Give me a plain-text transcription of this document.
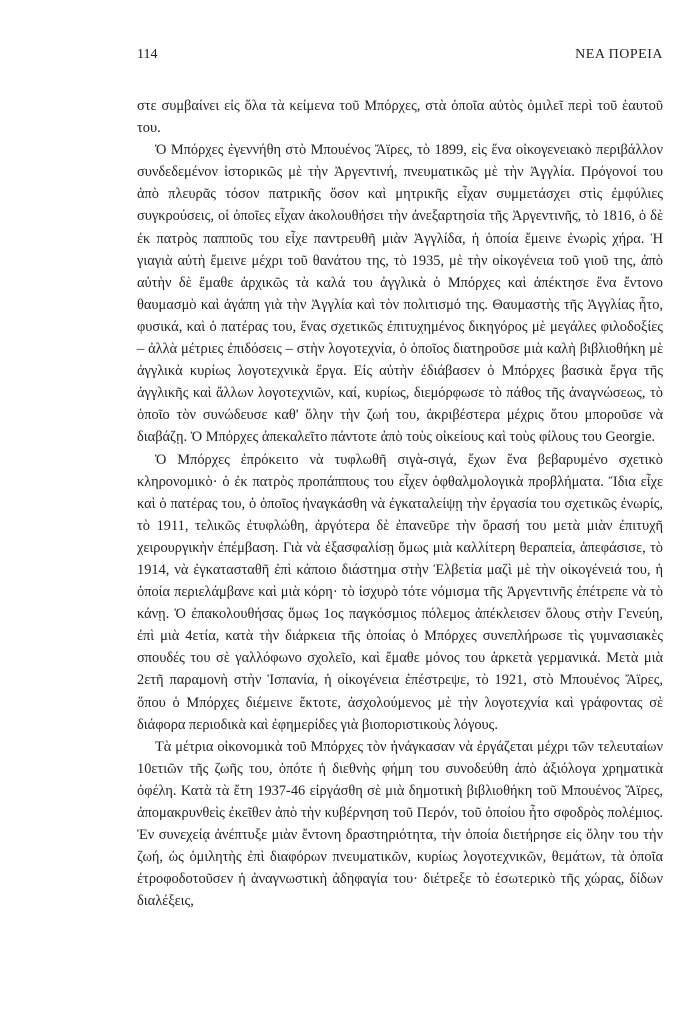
114	ΝΕΑ ΠΟΡΕΙΑ

στε συμβαίνει εἰς ὅλα τὰ κείμενα τοῦ Μπόρχες, στὰ ὁποῖα αὐτὸς ὁμιλεῖ περὶ τοῦ ἑαυτοῦ του.

Ὁ Μπόρχες ἐγεννήθη στὸ Μπουένος Ἄϊρες, τὸ 1899, εἰς ἕνα οἰκογενειακὸ περιβάλλον συνδεδεμένον ἱστορικῶς μὲ τὴν Ἀργεντινή, πνευματικῶς μὲ τὴν Ἀγγλία. Πρόγονοί του ἀπὸ πλευρᾶς τόσον πατρικῆς ὅσον καὶ μητρικῆς εἶχαν συμμετάσχει στὶς ἐμφύλιες συγκρούσεις, οἱ ὁποῖες εἶχαν ἀκολουθήσει τὴν ἀνεξαρτησία τῆς Ἀργεντινῆς, τὸ 1816, ὁ δὲ ἐκ πατρὸς παπποῦς του εἶχε παντρευθῆ μιὰν Ἀγγλίδα, ἡ ὁποία ἔμεινε ἐνωρὶς χήρα. Ἡ γιαγιὰ αὐτὴ ἔμεινε μέχρι τοῦ θανάτου της, τὸ 1935, μὲ τὴν οἰκογένεια τοῦ γιοῦ της, ἀπὸ αὐτὴν δὲ ἔμαθε ἀρχικῶς τὰ καλά του ἀγγλικὰ ὁ Μπόρχες καὶ ἀπέκτησε ἕνα ἔντονο θαυμασμὸ καὶ ἀγάπη γιὰ τὴν Ἀγγλία καὶ τὸν πολιτισμό της. Θαυμαστὴς τῆς Ἀγγλίας ἦτο, φυσικά, καὶ ὁ πατέρας του, ἕνας σχετικῶς ἐπιτυχημένος δικηγόρος μὲ μεγάλες φιλοδοξίες – ἀλλὰ μέτριες ἐπιδόσεις – στὴν λογοτεχνία, ὁ ὁποῖος διατηροῦσε μιὰ καλὴ βιβλιοθήκη μὲ ἀγγλικὰ κυρίως λογοτεχνικὰ ἔργα. Εἰς αὐτὴν ἐδιάβασεν ὁ Μπόρχες βασικὰ ἔργα τῆς ἀγγλικῆς καὶ ἄλλων λογοτεχνιῶν, καί, κυρίως, διεμόρφωσε τὸ πάθος τῆς ἀναγνώσεως, τὸ ὁποῖο τὸν συνώδευσε καθ' ὅλην τὴν ζωή του, ἀκριβέστερα μέχρις ὅτου μποροῦσε νὰ διαβάζῃ. Ὁ Μπόρχες ἀπεκαλεῖτο πάντοτε ἀπὸ τοὺς οἰκείους καὶ τοὺς φίλους του Georgie.

Ὁ Μπόρχες ἐπρόκειτο νὰ τυφλωθῆ σιγὰ-σιγά, ἔχων ἕνα βεβαρυμένο σχετικὸ κληρονομικὸ· ὁ ἐκ πατρὸς προπάππους του εἶχεν ὀφθαλμολογικὰ προβλήματα. Ἴδια εἶχε καὶ ὁ πατέρας του, ὁ ὁποῖος ἠναγκάσθη νὰ ἐγκαταλείψῃ τὴν ἐργασία του σχετικῶς ἐνωρίς, τὸ 1911, τελικῶς ἐτυφλώθη, ἀργότερα δὲ ἐπανεῦρε τὴν ὅρασή του μετὰ μιὰν ἐπιτυχῆ χειρουργικὴν ἐπέμβαση. Γιὰ νὰ ἐξασφαλίσῃ ὅμως μιὰ καλλίτερη θεραπεία, ἀπεφάσισε, τὸ 1914, νὰ ἐγκατασταθῆ ἐπὶ κάποιο διάστημα στὴν Ἑλβετία μαζὶ μὲ τὴν οἰκογένειά του, ἡ ὁποία περιελάμβανε καὶ μιὰ κόρη· τὸ ἰσχυρὸ τότε νόμισμα τῆς Ἀργεντινῆς ἐπέτρεπε νὰ τὸ κάνῃ. Ὁ ἐπακολουθήσας ὅμως 1ος παγκόσμιος πόλεμος ἀπέκλεισεν ὅλους στὴν Γενεύη, ἐπὶ μιὰ 4ετία, κατὰ τὴν διάρκεια τῆς ὁποίας ὁ Μπόρχες συνεπλήρωσε τὶς γυμνασιακὲς σπουδές του σὲ γαλλόφωνο σχολεῖο, καὶ ἔμαθε μόνος του ἀρκετὰ γερμανικά. Μετὰ μιὰ 2ετῆ παραμονὴ στὴν Ἱσπανία, ἡ οἰκογένεια ἐπέστρεψε, τὸ 1921, στὸ Μπουένος Ἄϊρες, ὅπου ὁ Μπόρχες διέμεινε ἔκτοτε, ἀσχολούμενος μὲ τὴν λογοτεχνία καὶ γράφοντας σὲ διάφορα περιοδικὰ καὶ ἐφημερίδες γιὰ βιοποριστικοὺς λόγους.

Τὰ μέτρια οἰκονομικὰ τοῦ Μπόρχες τὸν ἠνάγκασαν νὰ ἐργάζεται μέχρι τῶν τελευταίων 10ετιῶν τῆς ζωῆς του, ὁπότε ἡ διεθνὴς φήμη του συνοδεύθη ἀπὸ ἀξιόλογα χρηματικὰ ὀφέλη. Κατὰ τὰ ἔτη 1937-46 εἰργάσθη σὲ μιὰ δημοτικὴ βιβλιοθήκη τοῦ Μπουένος Ἄϊρες, ἀπομακρυνθεὶς ἐκεῖθεν ἀπὸ τὴν κυβέρνηση τοῦ Περόν, τοῦ ὁποίου ἦτο σφοδρὸς πολέμιος. Ἐν συνεχείᾳ ἀνέπτυξε μιὰν ἔντονη δραστηριότητα, τὴν ὁποία διετήρησε εἰς ὅλην του τὴν ζωή, ὡς ὁμιλητὴς ἐπὶ διαφόρων πνευματικῶν, κυρίως λογοτεχνικῶν, θεμάτων, τὰ ὁποῖα ἐτροφοδοτοῦσεν ἡ ἀναγνωστικὴ ἀδηφαγία του· διέτρεξε τὸ ἐσωτερικὸ τῆς χώρας, δίδων διαλέξεις,
